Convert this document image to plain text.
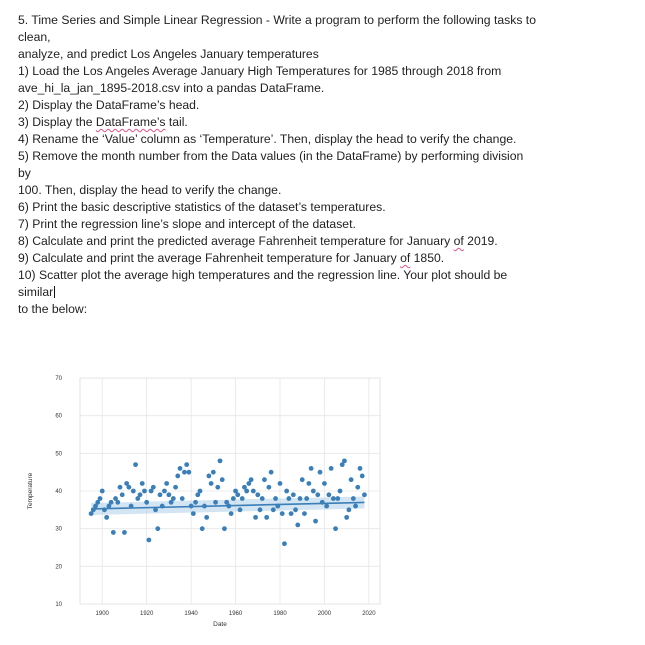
5. Time Series and Simple Linear Regression - Write a program to perform the following tasks to
clean,
analyze, and predict Los Angeles January temperatures
1) Load the Los Angeles Average January High Temperatures for 1985 through 2018 from
ave_hi_la_jan_1895-2018.csv into a pandas DataFrame.
2) Display the DataFrame’s head.
3) Display the DataFrame’s tail.
4) Rename the ‘Value’ column as ‘Temperature’. Then, display the head to verify the change.
5) Remove the month number from the Data values (in the DataFrame) by performing division
by
100. Then, display the head to verify the change.
6) Print the basic descriptive statistics of the dataset’s temperatures.
7) Print the regression line’s slope and intercept of the dataset.
8) Calculate and print the predicted average Fahrenheit temperature for January of 2019.
9) Calculate and print the average Fahrenheit temperature for January of 1850.
10) Scatter plot the average high temperatures and the regression line. Your plot should be
similar
to the below:
10
20
30
40
50
60
70
1900	1920	1940	1960	1980	2000	2020
Date
Temperature
